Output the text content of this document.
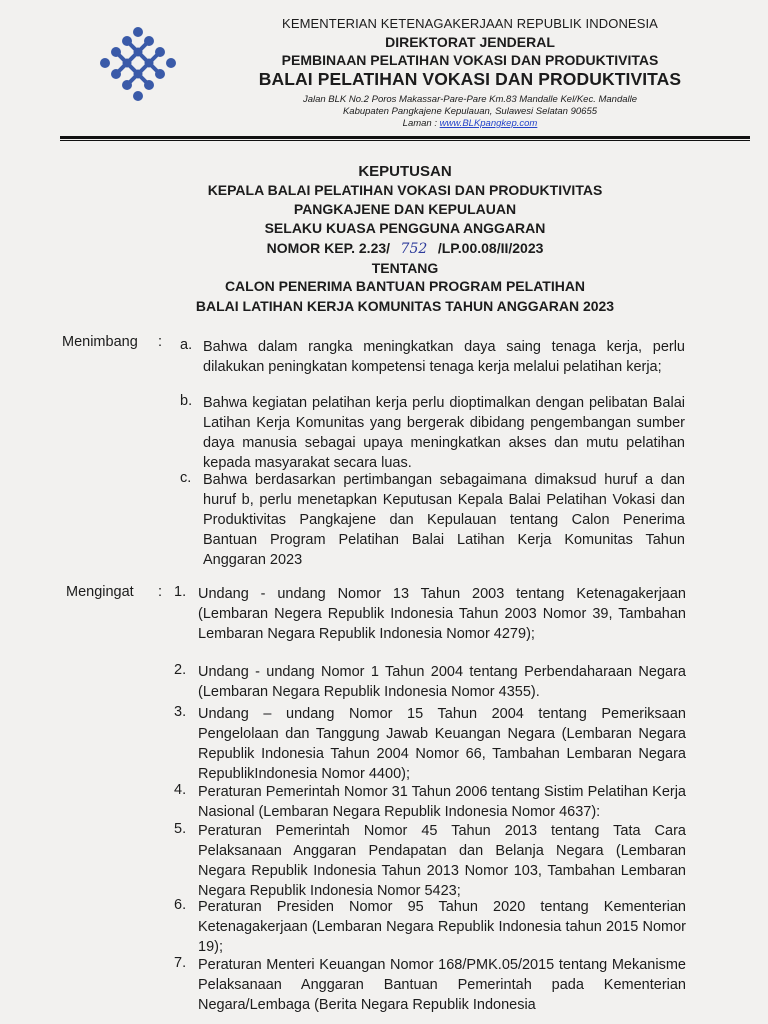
KEMENTERIAN KETENAGAKERJAAN REPUBLIK INDONESIA
DIREKTORAT JENDERAL
PEMBINAAN PELATIHAN VOKASI DAN PRODUKTIVITAS
BALAI PELATIHAN VOKASI DAN PRODUKTIVITAS
Jalan BLK No.2 Poros Makassar-Pare-Pare Km.83 Mandalle Kel/Kec. Mandalle
Kabupaten Pangkajene Kepulauan, Sulawesi Selatan 90655
Laman : www.BLKpangkep.com
KEPUTUSAN
KEPALA BALAI PELATIHAN VOKASI DAN PRODUKTIVITAS
PANGKAJENE DAN KEPULAUAN
SELAKU KUASA PENGGUNA ANGGARAN
NOMOR KEP. 2.23/ 752 /LP.00.08/II/2023
TENTANG
CALON PENERIMA BANTUAN PROGRAM PELATIHAN
BALAI LATIHAN KERJA KOMUNITAS TAHUN ANGGARAN 2023
Menimbang : a. Bahwa dalam rangka meningkatkan daya saing tenaga kerja, perlu dilakukan peningkatan kompetensi tenaga kerja melalui pelatihan kerja;
b. Bahwa kegiatan pelatihan kerja perlu dioptimalkan dengan pelibatan Balai Latihan Kerja Komunitas yang bergerak dibidang pengembangan sumber daya manusia sebagai upaya meningkatkan akses dan mutu pelatihan kepada masyarakat secara luas.
c. Bahwa berdasarkan pertimbangan sebagaimana dimaksud huruf a dan huruf b, perlu menetapkan Keputusan Kepala Balai Pelatihan Vokasi dan Produktivitas Pangkajene dan Kepulauan tentang Calon Penerima Bantuan Program Pelatihan Balai Latihan Kerja Komunitas Tahun Anggaran 2023
Mengingat : 1. Undang - undang Nomor 13 Tahun 2003 tentang Ketenagakerjaan (Lembaran Negera Republik Indonesia Tahun 2003 Nomor 39, Tambahan Lembaran Negara Republik Indonesia Nomor 4279);
2. Undang - undang Nomor 1 Tahun 2004 tentang Perbendaharaan Negara (Lembaran Negara Republik Indonesia Nomor 4355).
3. Undang – undang Nomor 15 Tahun 2004 tentang Pemeriksaan Pengelolaan dan Tanggung Jawab Keuangan Negara (Lembaran Negara Republik Indonesia Tahun 2004 Nomor 66, Tambahan Lembaran Negara RepublikIndonesia Nomor 4400);
4. Peraturan Pemerintah Nomor 31 Tahun 2006 tentang Sistim Pelatihan Kerja Nasional (Lembaran Negara Republik Indonesia Nomor 4637):
5. Peraturan Pemerintah Nomor 45 Tahun 2013 tentang Tata Cara Pelaksanaan Anggaran Pendapatan dan Belanja Negara (Lembaran Negara Republik Indonesia Tahun 2013 Nomor 103, Tambahan Lembaran Negara Republik Indonesia Nomor 5423;
6. Peraturan Presiden Nomor 95 Tahun 2020 tentang Kementerian Ketenagakerjaan (Lembaran Negara Republik Indonesia tahun 2015 Nomor 19);
7. Peraturan Menteri Keuangan Nomor 168/PMK.05/2015 tentang Mekanisme Pelaksanaan Anggaran Bantuan Pemerintah pada Kementerian Negara/Lembaga (Berita Negara Republik Indonesia
